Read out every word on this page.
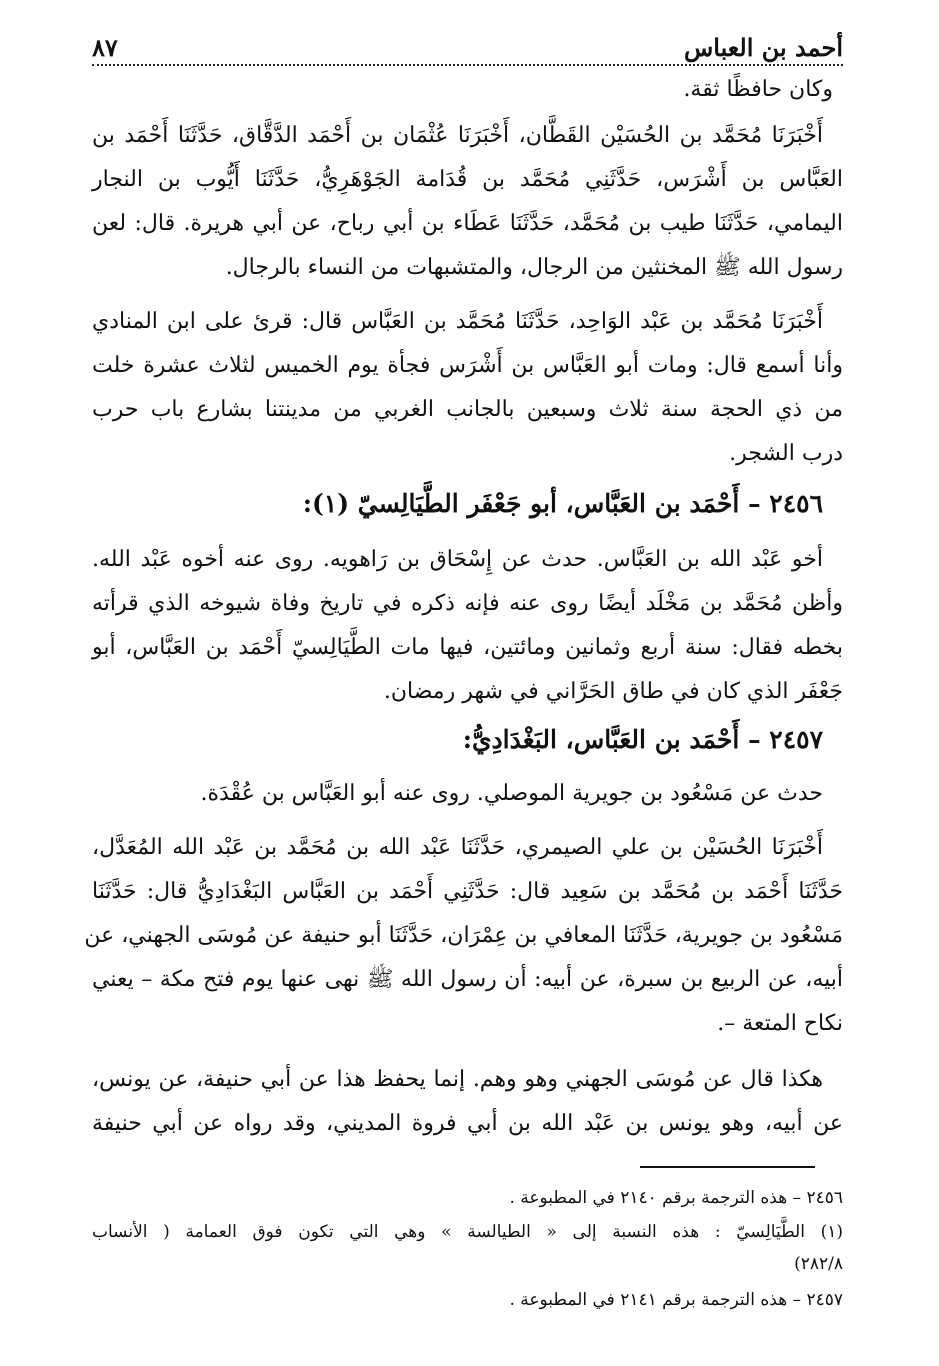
أحمد بن العباس
٨٧
وكان حافظًا ثقة.
أَخْبَرَنَا مُحَمَّد بن الحُسَيْن القَطَّان، أَخْبَرَنَا عُثْمَان بن أَحْمَد الدَّقَّاق، حَدَّثَنَا أَحْمَد بن
العَبَّاس بن أَشْرَس، حَدَّثَنِي مُحَمَّد بن قُدَامة الجَوْهَرِيُّ، حَدَّثَنَا أَيُّوب بن النجار
اليمامي، حَدَّثَنَا طيب بن مُحَمَّد، حَدَّثَنَا عَطَاء بن أبي رباح، عن أبي هريرة. قال: لعن
رسول الله ﷺ المخنثين من الرجال، والمتشبهات من النساء بالرجال.
أَخْبَرَنَا مُحَمَّد بن عَبْد الوَاحِد، حَدَّثَنَا مُحَمَّد بن العَبَّاس قال: قرئ على ابن المنادي
وأنا أسمع قال: ومات أبو العَبَّاس بن أَشْرَس فجأة يوم الخميس لثلاث عشرة خلت
من ذي الحجة سنة ثلاث وسبعين بالجانب الغربي من مدينتنا بشارع باب حرب
درب الشجر.
٢٤٥٦ – أَحْمَد بن العَبَّاس، أبو جَعْفَر الطَّيَالِسيّ (١):
أخو عَبْد الله بن العَبَّاس. حدث عن إِسْحَاق بن رَاهويه. روى عنه أخوه عَبْد الله.
وأظن مُحَمَّد بن مَخْلَد أيضًا روى عنه فإنه ذكره في تاريخ وفاة شيوخه الذي قرأته
بخطه فقال: سنة أربع وثمانين ومائتين، فيها مات الطَّيَالِسيّ أَحْمَد بن العَبَّاس، أبو
جَعْفَر الذي كان في طاق الحَرَّاني في شهر رمضان.
٢٤٥٧ – أَحْمَد بن العَبَّاس، البَغْدَادِيُّ:
حدث عن مَسْعُود بن جويرية الموصلي. روى عنه أبو العَبَّاس بن عُقْدَة.
أَخْبَرَنَا الحُسَيْن بن علي الصيمري، حَدَّثَنَا عَبْد الله بن مُحَمَّد بن عَبْد الله المُعَدَّل،
حَدَّثَنَا أَحْمَد بن مُحَمَّد بن سَعِيد قال: حَدَّثَنِي أَحْمَد بن العَبَّاس البَغْدَادِيُّ قال: حَدَّثَنَا
مَسْعُود بن جويرية، حَدَّثَنَا المعافي بن عِمْرَان، حَدَّثَنَا أبو حنيفة عن مُوسَى الجهني، عن
أبيه، عن الربيع بن سبرة، عن أبيه: أن رسول الله ﷺ نهى عنها يوم فتح مكة – يعني
نكاح المتعة –.
هكذا قال عن مُوسَى الجهني وهو وهم. إنما يحفظ هذا عن أبي حنيفة، عن يونس،
عن أبيه، وهو يونس بن عَبْد الله بن أبي فروة المديني، وقد رواه عن أبي حنيفة
٢٤٥٦ – هذه الترجمة برقم ٢١٤٠ في المطبوعة .
(١) الطَّيَالِسيّ : هذه النسبة إلى « الطيالسة » وهي التي تكون فوق العمامة ( الأنساب
٢٨٢/٨)
٢٤٥٧ – هذه الترجمة برقم ٢١٤١ في المطبوعة .
